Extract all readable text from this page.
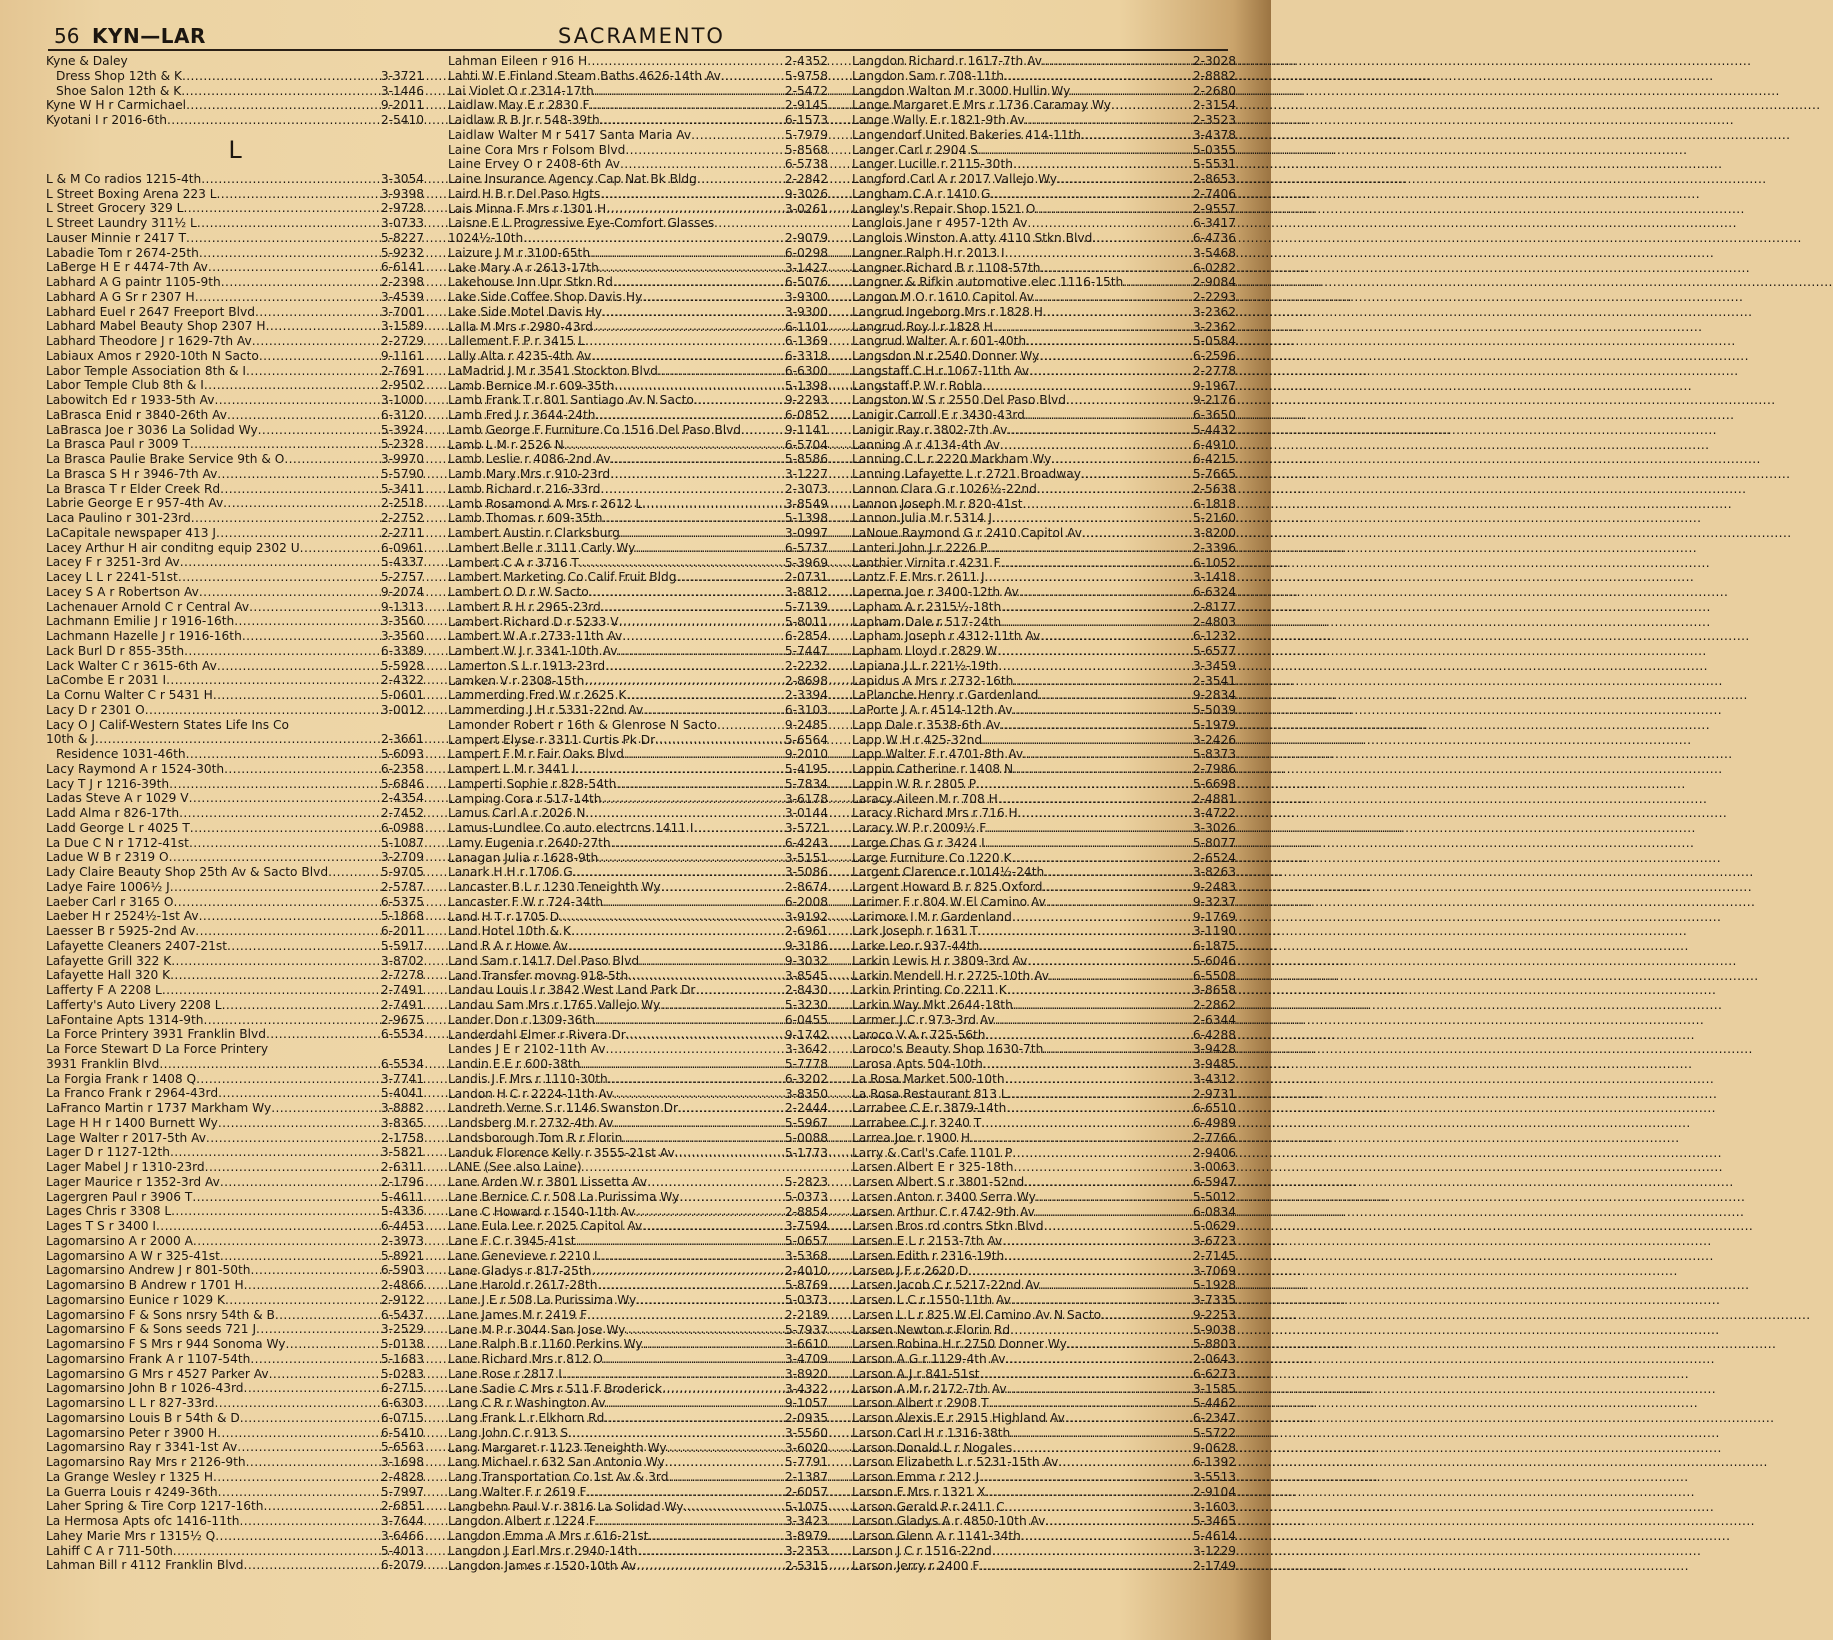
56 KYN—LAR	SACRAMENTO
Kyne & Daley
Dress Shop 12th & K .....	3-3721
Shoe Salon 12th & K .....	3-1446
Kyne W H r Carmichael .....	9-2011
Kyotani I r 2016-6th .....	2-5410
L
L & M Co radios 1215-4th .....	3-3054
L Street Boxing Arena 223 L .....	3-9398
L Street Grocery 329 L .....	2-9728
L Street Laundry 311½ L .....	3-0733
Lauser Minnie r 2417 T .....	5-8227
Labadie Tom r 2674-25th .....	5-9232
LaBerge H E r 4474-7th Av .....	6-6141
Labhard A G paintr 1105-9th .....	2-2398
Labhard A G Sr r 2307 H .....	3-4539
Labhard Euel r 2647 Freeport Blvd .....	3-7001
Labhard Mabel Beauty Shop 2307 H .....	3-1589
Labhard Theodore J r 1629-7th Av .....	2-2729
Labiaux Amos r 2920-10th N Sacto .....	9-1161
Labor Temple Association 8th & I .....	2-7691
Labor Temple Club 8th & I .....	2-9502
Labowitch Ed r 1933-5th Av .....	3-1000
LaBrasca Enid r 3840-26th Av .....	6-3120
LaBrasca Joe r 3036 La Solidad Wy .....	5-3924
La Brasca Paul r 3009 T .....	5-2328
La Brasca Paulie Brake Service 9th & O .....	3-9970
La Brasca S H r 3946-7th Av .....	5-5790
La Brasca T r Elder Creek Rd .....	5-3411
Labrie George E r 957-4th Av .....	2-2518
Laca Paulino r 301-23rd .....	2-2752
LaCapitale newspaper 413 J .....	2-2711
Lacey Arthur H air conditng equip 2302 U .....	6-0961
Lacey F r 3251-3rd Av .....	5-4337
Lacey L L r 2241-51st .....	5-2757
Lacey S A r Robertson Av .....	9-2074
Lachenauer Arnold C r Central Av .....	9-1313
Lachmann Emilie J r 1916-16th .....	3-3560
Lachmann Hazelle J r 1916-16th .....	3-3560
Lack Burl D r 855-35th .....	6-3389
Lack Walter C r 3615-6th Av .....	5-5928
LaCombe E r 2031 I .....	2-4322
La Cornu Walter C r 5431 H .....	5-0601
Lacy D r 2301 O .....	3-0012
Lacy O J Calif-Western States Life Ins Co
10th & J .....	2-3661
Residence 1031-46th .....	5-6093
Lacy Raymond A r 1524-30th .....	6-2358
Lacy T J r 1216-39th .....	5-6846
Ladas Steve A r 1029 V .....	2-4354
Ladd Alma r 826-17th .....	2-7452
Ladd George L r 4025 T .....	6-0988
La Due C N r 1712-41st .....	5-1087
Ladue W B r 2319 O .....	3-2709
Lady Claire Beauty Shop 25th Av & Sacto Blvd .....	5-9705
Ladye Faire 1006½ J .....	2-5787
Laeber Carl r 3165 O .....	6-5375
Laeber H r 2524½-1st Av .....	5-1868
Laesser B r 5925-2nd Av .....	6-2011
Lafayette Cleaners 2407-21st .....	5-5917
Lafayette Grill 322 K .....	3-8702
Lafayette Hall 320 K .....	2-7278
Lafferty F A 2208 L .....	2-7491
Lafferty's Auto Livery 2208 L .....	2-7491
LaFontaine Apts 1314-9th .....	2-9675
La Force Printery 3931 Franklin Blvd .....	6-5534
La Force Stewart D La Force Printery
3931 Franklin Blvd .....	6-5534
La Forgia Frank r 1408 Q .....	3-7741
La Franco Frank r 2964-43rd .....	5-4041
LaFranco Martin r 1737 Markham Wy .....	3-8882
Lage H H r 1400 Burnett Wy .....	3-8365
Lage Walter r 2017-5th Av .....	2-1758
Lager D r 1127-12th .....	3-5821
Lager Mabel J r 1310-23rd .....	2-6311
Lager Maurice r 1352-3rd Av .....	2-1796
Lagergren Paul r 3906 T .....	5-4611
Lages Chris r 3308 L .....	5-4336
Lages T S r 3400 I .....	6-4453
Lagomarsino A r 2000 A .....	2-3973
Lagomarsino A W r 325-41st .....	5-8921
Lagomarsino Andrew J r 801-50th .....	6-5903
Lagomarsino B Andrew r 1701 H .....	2-4866
Lagomarsino Eunice r 1029 K .....	2-9122
Lagomarsino F & Sons nrsry 54th & B .....	6-5437
Lagomarsino F & Sons seeds 721 J .....	3-2529
Lagomarsino F S Mrs r 944 Sonoma Wy .....	5-0138
Lagomarsino Frank A r 1107-54th .....	5-1683
Lagomarsino G Mrs r 4527 Parker Av .....	5-0283
Lagomarsino John B r 1026-43rd .....	6-2715
Lagomarsino L L r 827-33rd .....	6-6303
Lagomarsino Louis B r 54th & D .....	6-0715
Lagomarsino Peter r 3900 H .....	6-5410
Lagomarsino Ray r 3341-1st Av .....	5-6563
Lagomarsino Ray Mrs r 2126-9th .....	3-1698
La Grange Wesley r 1325 H .....	2-4828
La Guerra Louis r 4249-36th .....	5-7997
Laher Spring & Tire Corp 1217-16th .....	2-6851
La Hermosa Apts ofc 1416-11th .....	3-7644
Lahey Marie Mrs r 1315½ Q .....	3-6466
Lahiff C A r 711-50th .....	5-4013
Lahman Bill r 4112 Franklin Blvd .....	6-2079
Lahman Eileen r 916 H .....	2-4352
Lahti W E Finland Steam Baths 4626-14th Av .....	5-9758
Lai Violet O r 2314-17th .....	2-5472
Laidlaw May E r 2830 F .....	2-9145
Laidlaw R B Jr r 548-39th .....	6-1573
Laidlaw Walter M r 5417 Santa Maria Av .....	5-7979
Laine Cora Mrs r Folsom Blvd .....	5-8568
Laine Ervey O r 2408-6th Av .....	6-5738
Laine Insurance Agency Cap Nat Bk Bldg .....	2-2842
Laird H B r Del Paso Hgts .....	9-3026
Lais Minna F Mrs r 1301 H .....	3-0261
Laisne E L Progressive Eye-Comfort Glasses
1024½-10th .....	2-9079
Laizure J M r 3100-65th .....	6-0298
Lake Mary A r 2613-17th .....	3-1427
Lakehouse Inn Upr Stkn Rd .....	6-5076
Lake Side Coffee Shop Davis Hy .....	3-9300
Lake Side Motel Davis Hy .....	3-9300
Lalla M Mrs r 2980-43rd .....	6-1101
Lallement F P r 3415 L .....	6-1369
Lally Alta r 4235-4th Av .....	6-3318
LaMadrid J M r 3541 Stockton Blvd .....	6-6300
Lamb Bernice M r 609-35th .....	5-1398
Lamb Frank T r 801 Santiago Av N Sacto .....	9-2293
Lamb Fred J r 3644-24th .....	6-0852
Lamb George F Furniture Co 1516 Del Paso Blvd .....	9-1141
Lamb L M r 2526 N .....	6-5704
Lamb Leslie r 4086-2nd Av .....	5-8586
Lamb Mary Mrs r 910-23rd .....	3-1227
Lamb Richard r 216-33rd .....	2-3073
Lamb Rosamond A Mrs r 2612 L .....	3-8549
Lamb Thomas r 609-35th .....	5-1398
Lambert Austin r Clarksburg .....	3-0997
Lambert Belle r 3111 Carly Wy .....	6-5737
Lambert C A r 3716 T .....	5-3969
Lambert Marketing Co Calif Fruit Bldg .....	2-0731
Lambert O D r W Sacto .....	3-8812
Lambert R H r 2965-23rd .....	5-7139
Lambert Richard D r 5233 V .....	5-8011
Lambert W A r 2733-11th Av .....	6-2854
Lambert W J r 3341-10th Av .....	5-7447
Lamerton S L r 1913-23rd .....	2-2232
Lamken V r 2308-15th .....	2-8698
Lammerding Fred W r 2625 K .....	2-3394
Lammerding J H r 5331-22nd Av .....	6-3103
Lamonder Robert r 16th & Glenrose N Sacto .....	9-2485
Lampert Elyse r 3311 Curtis Pk Dr .....	5-6564
Lampert F M r Fair Oaks Blvd .....	9-2010
Lampert L M r 3441 I .....	5-4195
Lamperti Sophie r 828-54th .....	5-7834
Lamping Cora r 517-14th .....	3-6178
Lamus Carl A r 2026 N .....	3-0144
Lamus-Lundlee Co auto electrcns 1411 I .....	3-5721
Lamy Eugenia r 2640-27th .....	6-4243
Lanagan Julia r 1628-9th .....	3-5151
Lanark H H r 1706 G .....	3-5086
Lancaster B L r 1230 Teneighth Wy .....	2-8674
Lancaster F W r 724-34th .....	6-2008
Land H T r 1705 D .....	3-9192
Land Hotel 10th & K .....	2-6961
Land R A r Howe Av .....	9-3186
Land Sam r 1417 Del Paso Blvd .....	9-3032
Land Transfer movng 918-5th .....	3-8545
Landau Louis I r 3842 West Land Park Dr .....	2-8430
Landau Sam Mrs r 1765 Vallejo Wy .....	5-3230
Lander Don r 1309-36th .....	6-0455
Landerdahl Elmer r Rivera Dr .....	9-1742
Landes J E r 2102-11th Av .....	3-3642
Landin E E r 600-38th .....	5-7778
Landis J F Mrs r 1110-30th .....	6-3202
Landon H C r 2224-11th Av .....	3-8350
Landreth Verne S r 1146 Swanston Dr .....	2-2444
Landsberg M r 2732-4th Av .....	5-5967
Landsborough Tom R r Florin .....	5-0088
Landuk Florence Kelly r 3555-21st Av .....	5-1773
LANE (See also Laine)
Lane Arden W r 3801 Lissetta Av .....	5-2823
Lane Bernice C r 508 La Purissima Wy .....	5-0373
Lane C Howard r 1540-11th Av .....	2-8854
Lane Eula Lee r 2025 Capitol Av .....	3-7594
Lane F C r 3945-41st .....	5-0657
Lane Genevieve r 2210 I .....	3-5368
Lane Gladys r 817-25th .....	2-4010
Lane Harold r 2617-28th .....	5-8769
Lane J E r 508 La Purissima Wy .....	5-0373
Lane James M r 2419 F .....	2-2189
Lane M P r 3044 San Jose Wy .....	5-7937
Lane Ralph B r 1160 Perkins Wy .....	3-6610
Lane Richard Mrs r 812 O .....	3-4709
Lane Rose r 2817 I .....	3-8920
Lane Sadie C Mrs r 511 F Broderick .....	3-4322
Lang C R r Washington Av .....	9-1057
Lang Frank L r Elkhorn Rd .....	2-0935
Lang John C r 913 S .....	3-5560
Lang Margaret r 1123 Teneighth Wy .....	3-6020
Lang Michael r 632 San Antonio Wy .....	5-7791
Lang Transportation Co 1st Av & 3rd .....	2-1387
Lang Walter F r 2619 F .....	2-6057
Langbehn Paul V r 3816 La Solidad Wy .....	5-1075
Langdon Albert r 1224 F .....	3-3423
Langdon Emma A Mrs r 616-21st .....	3-8979
Langdon J Earl Mrs r 2940-14th .....	3-2353
Langdon James r 1520-10th Av .....	2-5315
Langdon Richard r 1617-7th Av .....	2-3028
Langdon Sam r 708-11th .....	2-8882
Langdon Walton M r 3000 Hullin Wy .....	2-2680
Lange Margaret E Mrs r 1736 Caramay Wy .....	2-3154
Lange Wally E r 1821-9th Av .....	2-3523
Langendorf United Bakeries 414-11th .....	3-4378
Langer Carl r 2904 S .....	5-0355
Langer Lucille r 2115-30th .....	5-5531
Langford Carl A r 2017 Vallejo Wy .....	2-8653
Langham C A r 1410 G .....	2-7406
Langley's Repair Shop 1521 O .....	2-9557
Langlois Jane r 4957-12th Av .....	6-3417
Langlois Winston A atty 4110 Stkn Blvd .....	6-4736
Langner Ralph H r 2013 I .....	3-5468
Langner Richard B r 1108-57th .....	6-0282
Langner & Rifkin automotive elec 1116-15th .....	2-9084
Langon M O r 1610 Capitol Av .....	2-2293
Langrud Ingeborg Mrs r 1828 H .....	3-2362
Langrud Roy I r 1828 H .....	3-2362
Langrud Walter A r 601-40th .....	5-0584
Langsdon N r 2540 Donner Wy .....	6-2596
Langstaff C H r 1067-11th Av .....	2-2778
Langstaff P W r Robla .....	9-1967
Langston W S r 2550 Del Paso Blvd .....	9-2176
Lanigir Carroll E r 3430-43rd .....	6-3650
Lanigir Ray r 3802-7th Av .....	5-4432
Lanning A r 4134-4th Av .....	6-4910
Lanning C L r 2220 Markham Wy .....	6-4215
Lanning Lafayette L r 2721 Broadway .....	5-7665
Lannon Clara G r 1026½-22nd .....	2-5638
Lannon Joseph M r 820-41st .....	6-1818
Lannon Julia M r 5314 J .....	5-2160
LaNoue Raymond G r 2410 Capitol Av .....	3-8200
Lanteri John J r 2226 P .....	2-3396
Lanthier Virnita r 4231 F .....	6-1052
Lantz F E Mrs r 2611 J .....	3-1418
Laperna Joe r 3400-12th Av .....	6-6324
Lapham A r 2315½-18th .....	2-8177
Lapham Dale r 517-24th .....	2-4803
Lapham Joseph r 4312-11th Av .....	6-1232
Lapham Lloyd r 2829 W .....	5-6577
Lapiana J L r 221½-19th .....	3-3459
Lapidus A Mrs r 2732-16th .....	2-3541
LaPlanche Henry r Gardenland .....	9-2834
LaPorte J A r 4514-12th Av .....	5-5039
Lapp Dale r 3538-6th Av .....	5-1979
Lapp W H r 425-32nd .....	3-2426
Lapp Walter F r 4701-8th Av .....	5-8373
Lappin Catherine r 1408 N .....	2-7986
Lappin W R r 2805 P .....	5-6698
Laracy Aileen M r 708 H .....	2-4881
Laracy Richard Mrs r 716 H .....	3-4722
Laracy W P r 2009½ F .....	3-3026
Large Chas G r 3424 I .....	5-8077
Large Furniture Co 1220 K .....	2-6524
Largent Clarence r 1014½-24th .....	3-8263
Largent Howard B r 825 Oxford .....	9-2483
Larimer F r 804 W El Camino Av .....	9-3237
Larimore I M r Gardenland .....	9-1769
Lark Joseph r 1631 T .....	3-1190
Larke Leo r 937-44th .....	6-1875
Larkin Lewis H r 3809-3rd Av .....	5-6046
Larkin Mendell H r 2725-10th Av .....	6-5508
Larkin Printing Co 2211 K .....	3-8658
Larkin Way Mkt 2644-18th .....	2-2862
Larmer J C r 973-3rd Av .....	2-6344
Laroco V A r 725-56th .....	6-4288
Laroco's Beauty Shop 1630-7th .....	3-9428
Larosa Apts 504-10th .....	3-9485
La Rosa Market 500-10th .....	3-4312
La Rosa Restaurant 813 L .....	2-9731
Larrabee C E r 3879-14th .....	6-6510
Larrabee C J r 3240 T .....	6-4989
Larrea Joe r 1900 H .....	2-7766
Larry & Carl's Cafe 1101 P .....	2-9406
Larsen Albert E r 325-18th .....	3-0063
Larsen Albert S r 3801-52nd .....	6-5947
Larsen Anton r 3400 Serra Wy .....	5-5012
Larsen Arthur C r 4742-9th Av .....	6-0834
Larsen Bros rd contrs Stkn Blvd .....	5-0629
Larsen E L r 2153-7th Av .....	3-6723
Larsen Edith r 2316-19th .....	2-7145
Larsen J F r 2620 D .....	3-7069
Larsen Jacob C r 5217-22nd Av .....	5-1928
Larsen L C r 1550-11th Av .....	3-7335
Larsen L L r 825 W El Camino Av N Sacto .....	9-2253
Larsen Newton r Florin Rd .....	5-9038
Larsen Robina H r 2750 Donner Wy .....	5-8803
Larson A G r 1129-4th Av .....	2-0643
Larson A J r 841-51st .....	6-6273
Larson A M r 2172-7th Av .....	3-1585
Larson Albert r 2908 T .....	5-4462
Larson Alexis E r 2915 Highland Av .....	6-2347
Larson Carl H r 1316-38th .....	5-5722
Larson Donald L r Nogales .....	9-0628
Larson Elizabeth L r 5231-15th Av .....	6-1392
Larson Emma r 212 J .....	3-5513
Larson F Mrs r 1321 X .....	2-9104
Larson Gerald P r 2411 C .....	3-1603
Larson Gladys A r 4850-10th Av .....	5-3465
Larson Glenn A r 1141-34th .....	5-4614
Larson J C r 1516-22nd .....	3-1229
Larson Jerry r 2400 F .....	2-1749
